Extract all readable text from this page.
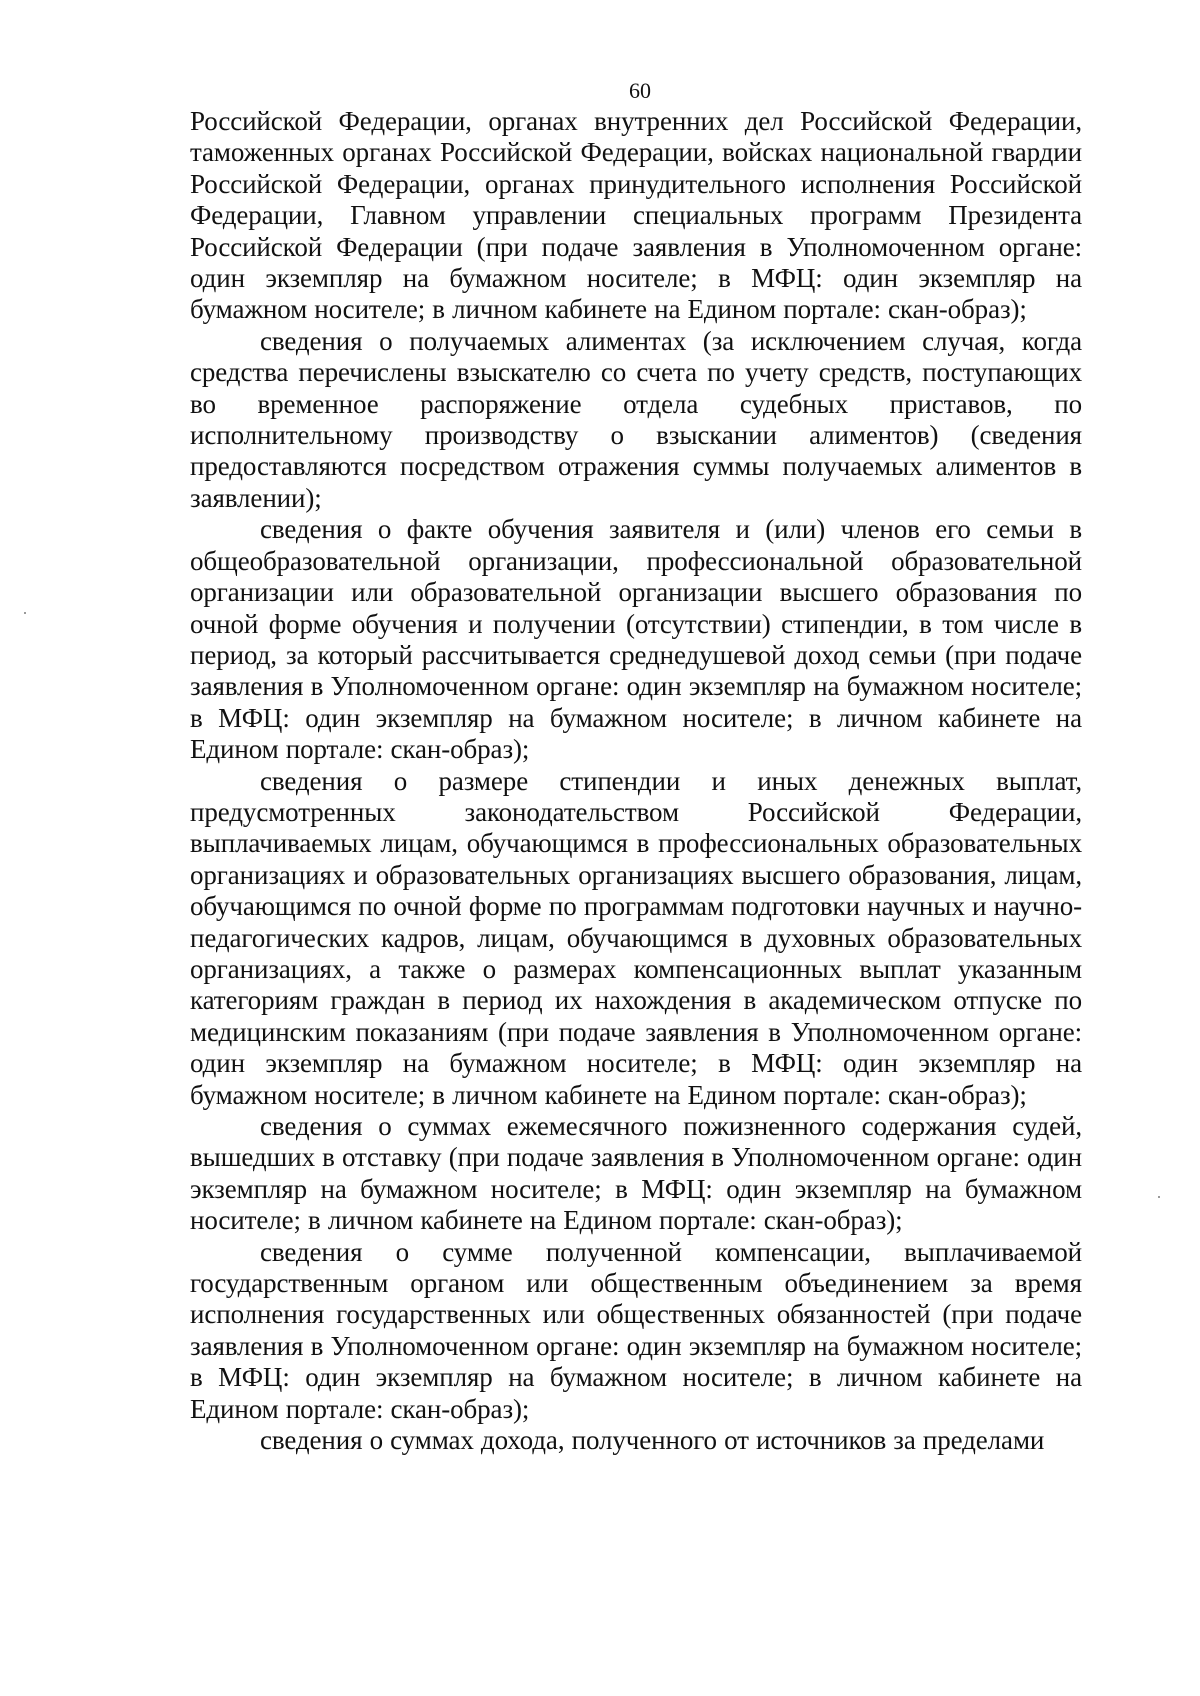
60

Российской Федерации, органах внутренних дел Российской Федерации, таможенных органах Российской Федерации, войсках национальной гвардии Российской Федерации, органах принудительного исполнения Российской Федерации, Главном управлении специальных программ Президента Российской Федерации (при подаче заявления в Уполномоченном органе: один экземпляр на бумажном носителе; в МФЦ: один экземпляр на бумажном носителе; в личном кабинете на Едином портале: скан-образ);

сведения о получаемых алиментах (за исключением случая, когда средства перечислены взыскателю со счета по учету средств, поступающих во временное распоряжение отдела судебных приставов, по исполнительному производству о взыскании алиментов) (сведения предоставляются посредством отражения суммы получаемых алиментов в заявлении);

сведения о факте обучения заявителя и (или) членов его семьи в общеобразовательной организации, профессиональной образовательной организации или образовательной организации высшего образования по очной форме обучения и получении (отсутствии) стипендии, в том числе в период, за который рассчитывается среднедушевой доход семьи (при подаче заявления в Уполномоченном органе: один экземпляр на бумажном носителе; в МФЦ: один экземпляр на бумажном носителе; в личном кабинете на Едином портале: скан-образ);

сведения о размере стипендии и иных денежных выплат, предусмотренных законодательством Российской Федерации, выплачиваемых лицам, обучающимся в профессиональных образовательных организациях и образовательных организациях высшего образования, лицам, обучающимся по очной форме по программам подготовки научных и научно-педагогических кадров, лицам, обучающимся в духовных образовательных организациях, а также о размерах компенсационных выплат указанным категориям граждан в период их нахождения в академическом отпуске по медицинским показаниям (при подаче заявления в Уполномоченном органе: один экземпляр на бумажном носителе; в МФЦ: один экземпляр на бумажном носителе; в личном кабинете на Едином портале: скан-образ);

сведения о суммах ежемесячного пожизненного содержания судей, вышедших в отставку (при подаче заявления в Уполномоченном органе: один экземпляр на бумажном носителе; в МФЦ: один экземпляр на бумажном носителе; в личном кабинете на Едином портале: скан-образ);

сведения о сумме полученной компенсации, выплачиваемой государственным органом или общественным объединением за время исполнения государственных или общественных обязанностей (при подаче заявления в Уполномоченном органе: один экземпляр на бумажном носителе; в МФЦ: один экземпляр на бумажном носителе; в личном кабинете на Едином портале: скан-образ);

сведения о суммах дохода, полученного от источников за пределами
